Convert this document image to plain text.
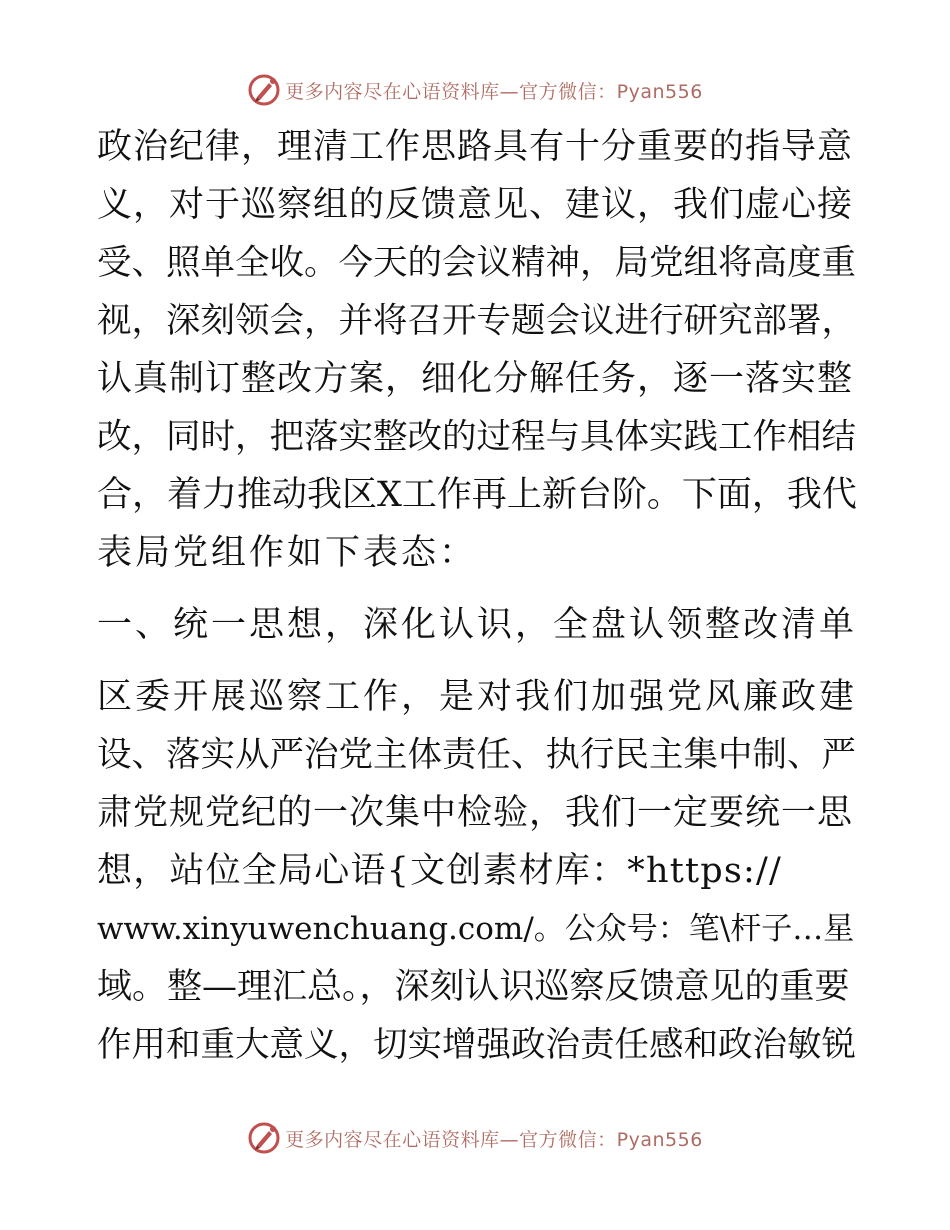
更多内容尽在心语资料库—官方微信：Pyan556
政治纪律，理清工作思路具有十分重要的指导意
义，对于巡察组的反馈意见、建议，我们虚心接
受、照单全收。今天的会议精神，局党组将高度重
视，深刻领会，并将召开专题会议进行研究部署，
认真制订整改方案，细化分解任务，逐一落实整
改，同时，把落实整改的过程与具体实践工作相结
合，着力推动我区X工作再上新台阶。下面，我代
表局党组作如下表态：
一、统一思想，深化认识，全盘认领整改清单
区委开展巡察工作，是对我们加强党风廉政建
设、落实从严治党主体责任、执行民主集中制、严
肃党规党纪的一次集中检验，我们一定要统一思
想，站位全局心语{文创素材库：*https://
www.xinyuwenchuang.com/。公众号：笔\杆子…星
域。整—理汇总。，深刻认识巡察反馈意见的重要
作用和重大意义，切实增强政治责任感和政治敏锐
更多内容尽在心语资料库—官方微信：Pyan556
